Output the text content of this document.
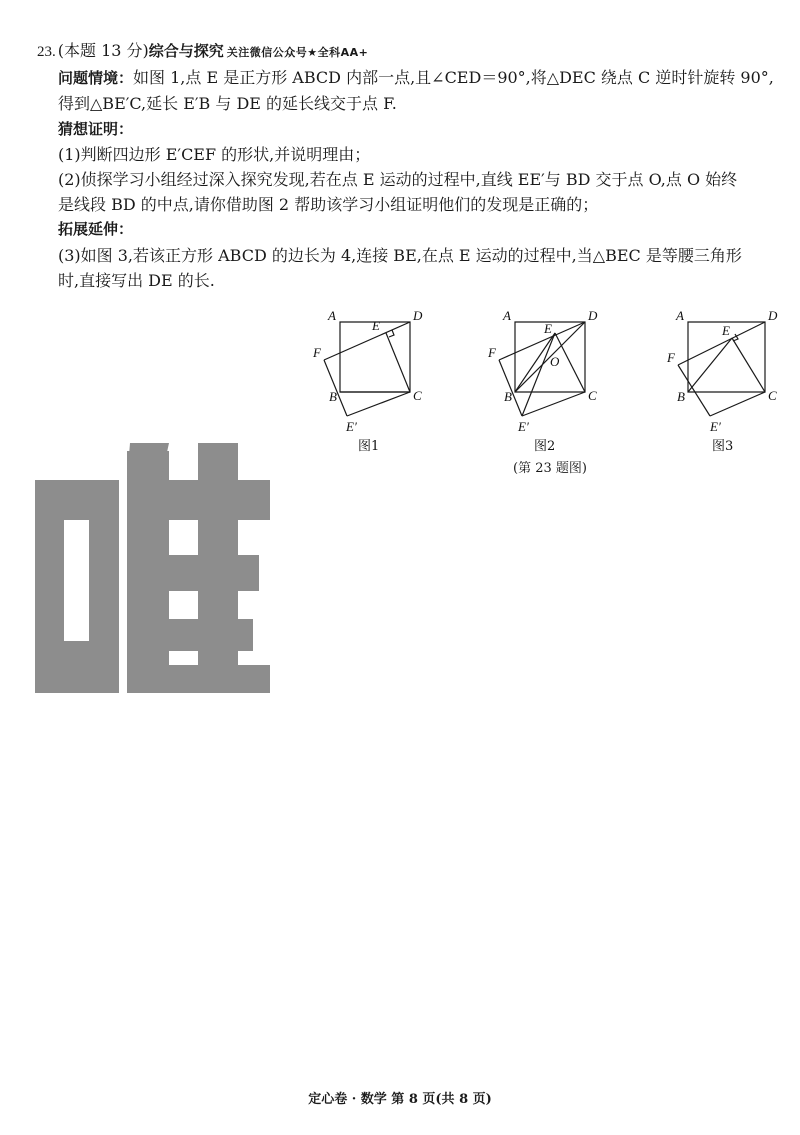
23. (本题 13 分)综合与探究 关注微信公众号★全科AA+
问题情境：如图 1,点 E 是正方形 ABCD 内部一点,且∠CED＝90°,将△DEC 绕点 C 逆时针旋转 90°,
得到△BE′C,延长 E′B 与 DE 的延长线交于点 F.
猜想证明：
(1)判断四边形 E′CEF 的形状,并说明理由；
(2)侦探学习小组经过深入探究发现,若在点 E 运动的过程中,直线 EE′与 BD 交于点 O,点 O 始终
是线段 BD 的中点,请你借助图 2 帮助该学习小组证明他们的发现是正确的；
拓展延伸：
(3)如图 3,若该正方形 ABCD 的边长为 4,连接 BE,在点 E 运动的过程中,当△BEC 是等腰三角形
时,直接写出 DE 的长.
A	D
E
F
B	C
E′
A	D
E
O
F
B	C
E′
A	D
E
F
B	C
E′
图1	图2	图3
(第 23 题图)
定心卷 · 数学 第 8 页(共 8 页)
